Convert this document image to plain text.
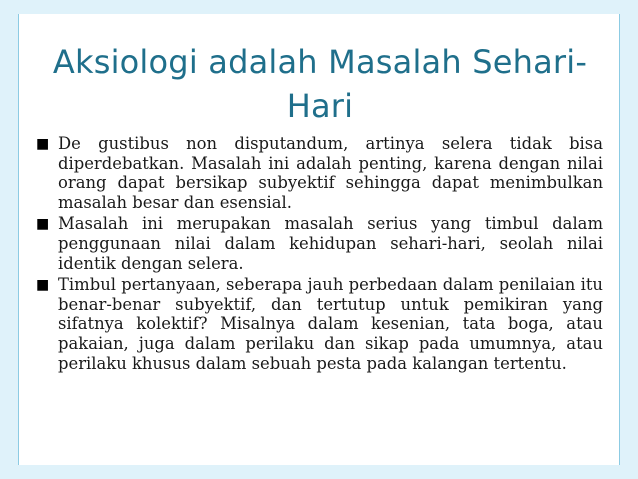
Aksiologi adalah Masalah Sehari-
Hari
■ De gustibus non disputandum, artinya selera tidak bisa diperdebatkan. Masalah ini adalah penting, karena dengan nilai orang dapat bersikap subyektif sehingga dapat menimbulkan masalah besar dan esensial.
■ Masalah ini merupakan masalah serius yang timbul dalam penggunaan nilai dalam kehidupan sehari-hari, seolah nilai identik dengan selera.
■ Timbul pertanyaan, seberapa jauh perbedaan dalam penilaian itu benar-benar subyektif, dan tertutup untuk pemikiran yang sifatnya kolektif? Misalnya dalam kesenian, tata boga, atau pakaian, juga dalam perilaku dan sikap pada umumnya, atau perilaku khusus dalam sebuah pesta pada kalangan tertentu.
